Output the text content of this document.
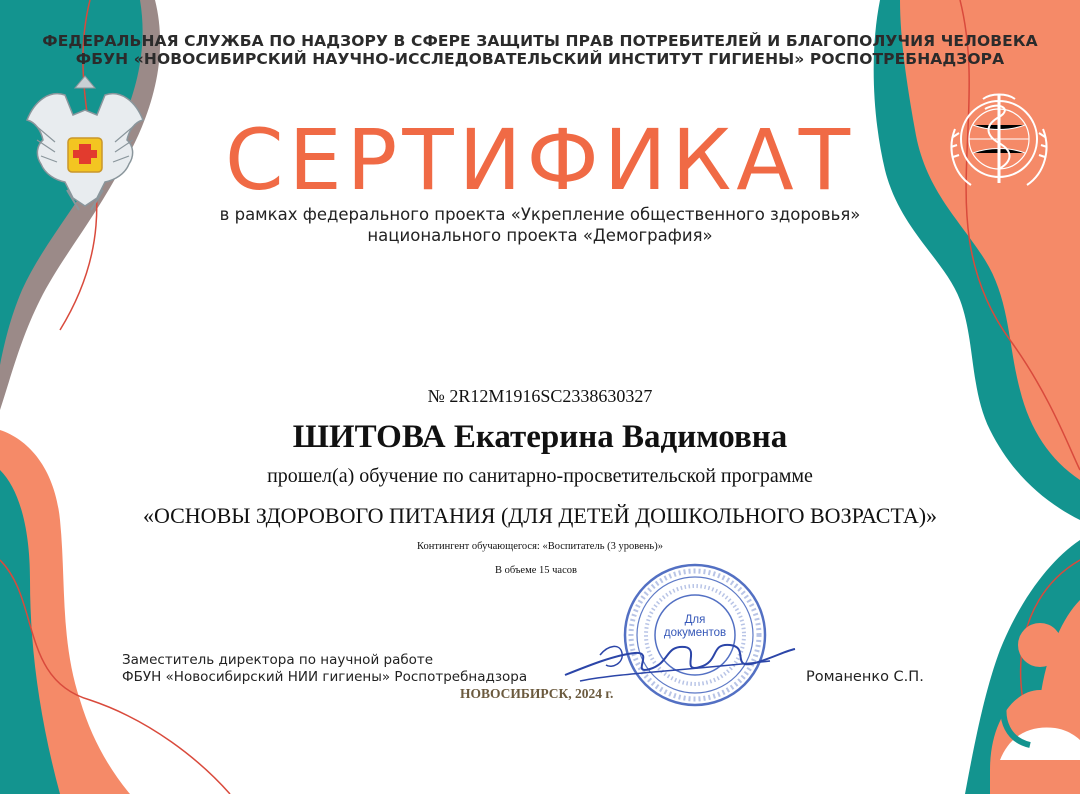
ФЕДЕРАЛЬНАЯ СЛУЖБА ПО НАДЗОРУ В СФЕРЕ ЗАЩИТЫ ПРАВ ПОТРЕБИТЕЛЕЙ И БЛАГОПОЛУЧИЯ ЧЕЛОВЕКА
ФБУН «НОВОСИБИРСКИЙ НАУЧНО-ИССЛЕДОВАТЕЛЬСКИЙ ИНСТИТУТ ГИГИЕНЫ» РОСПОТРЕБНАДЗОРА
СЕРТИФИКАТ
в рамках федерального проекта «Укрепление общественного здоровья»
национального проекта «Демография»
№ 2R12M1916SC2338630327
ШИТОВА Екатерина Вадимовна
прошел(а) обучение по санитарно-просветительской программе
«ОСНОВЫ ЗДОРОВОГО ПИТАНИЯ (ДЛЯ ДЕТЕЙ ДОШКОЛЬНОГО ВОЗРАСТА)»
Контингент обучающегося: «Воспитатель (3 уровень)»
В объеме 15 часов
Для
документов
Заместитель директора по научной работе
ФБУН «Новосибирский НИИ гигиены» Роспотребнадзора	Романенко С.П.
НОВОСИБИРСК, 2024 г.
